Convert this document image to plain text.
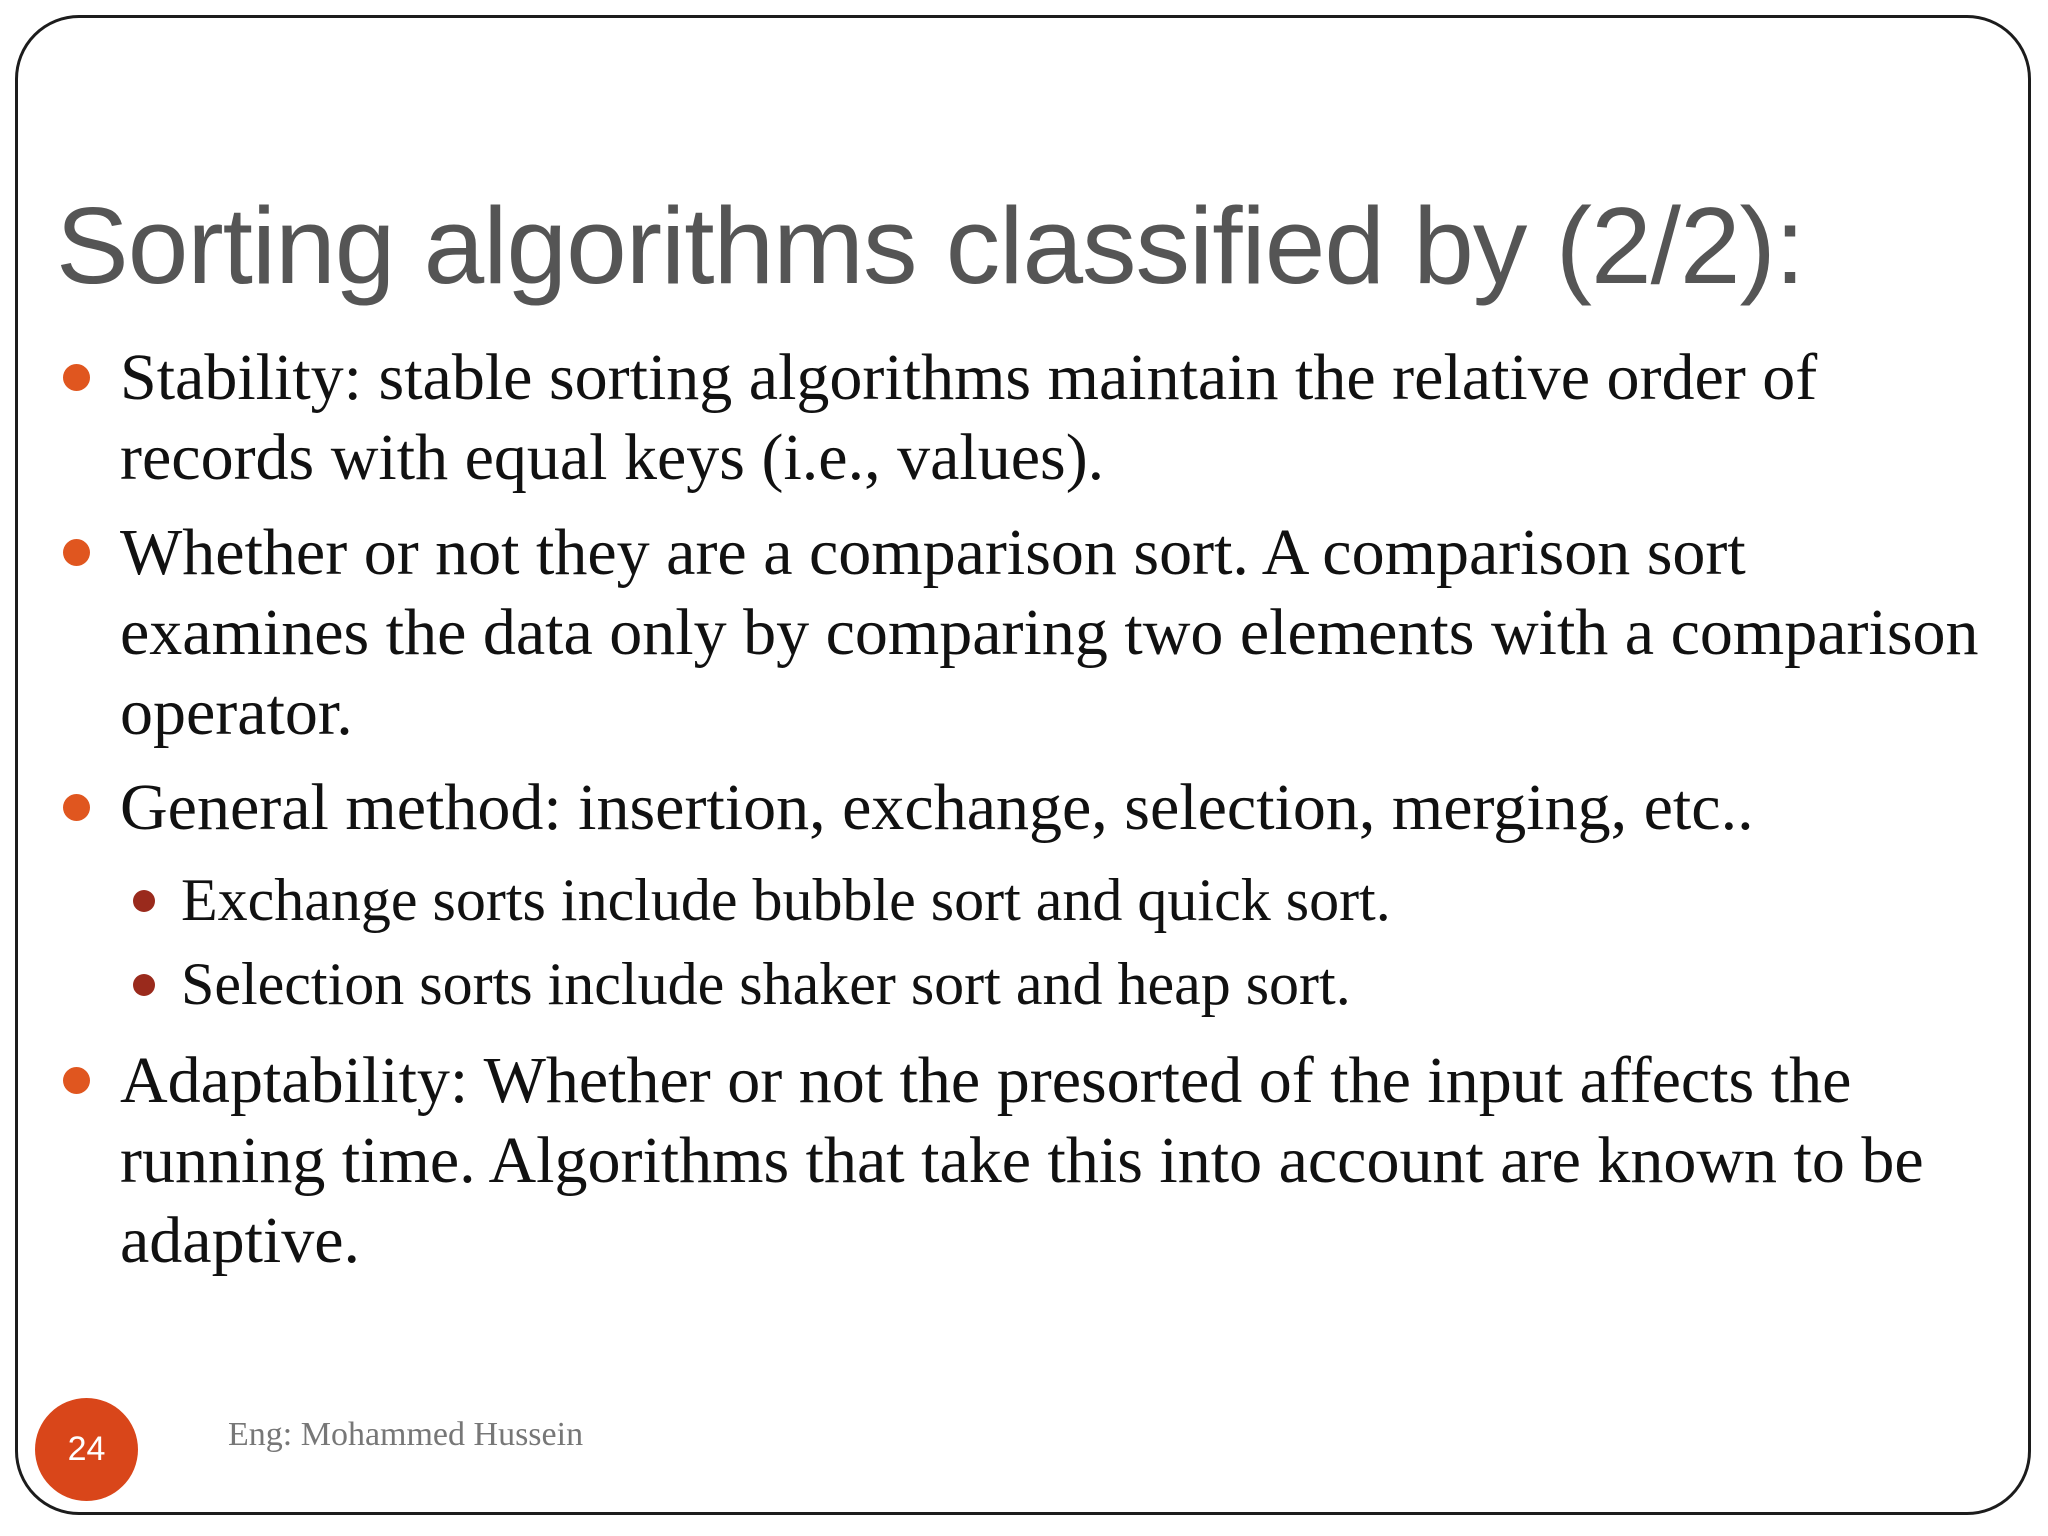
Sorting algorithms classified by (2/2):
Stability: stable sorting algorithms maintain the relative order of records with equal keys (i.e., values).
Whether or not they are a comparison sort. A comparison sort examines the data only by comparing two elements with a comparison operator.
General method: insertion, exchange, selection, merging, etc..
Exchange sorts include bubble sort and quick sort.
Selection sorts include shaker sort and heap sort.
Adaptability: Whether or not the presorted of the input affects the running time. Algorithms that take this into account are known to be adaptive.
24	Eng: Mohammed Hussein
